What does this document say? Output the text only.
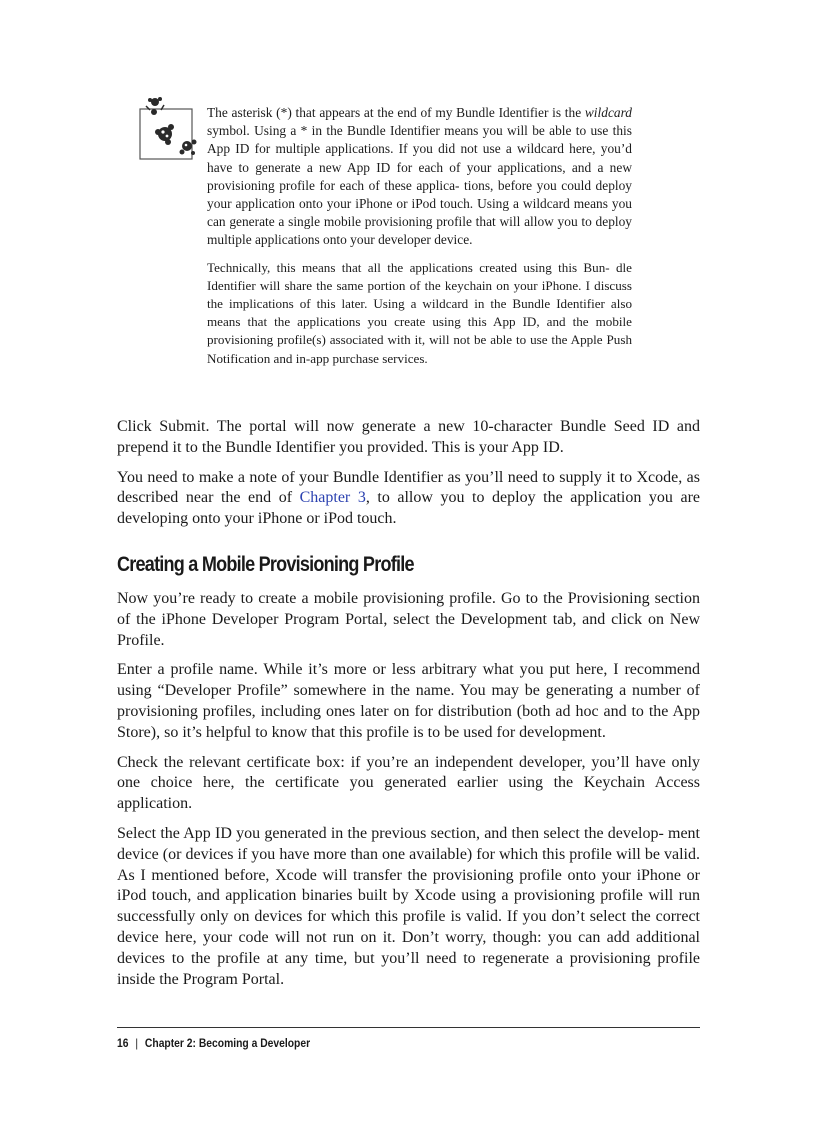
The asterisk (*) that appears at the end of my Bundle Identifier is the wildcard symbol. Using a * in the Bundle Identifier means you will be able to use this App ID for multiple applications. If you did not use a wildcard here, you’d have to generate a new App ID for each of your applications, and a new provisioning profile for each of these applica- tions, before you could deploy your application onto your iPhone or iPod touch. Using a wildcard means you can generate a single mobile provisioning profile that will allow you to deploy multiple applications onto your developer device.

Technically, this means that all the applications created using this Bun- dle Identifier will share the same portion of the keychain on your iPhone. I discuss the implications of this later. Using a wildcard in the Bundle Identifier also means that the applications you create using this App ID, and the mobile provisioning profile(s) associated with it, will not be able to use the Apple Push Notification and in-app purchase services.

Click Submit. The portal will now generate a new 10-character Bundle Seed ID and prepend it to the Bundle Identifier you provided. This is your App ID.

You need to make a note of your Bundle Identifier as you’ll need to supply it to Xcode, as described near the end of Chapter 3, to allow you to deploy the application you are developing onto your iPhone or iPod touch.

Creating a Mobile Provisioning Profile

Now you’re ready to create a mobile provisioning profile. Go to the Provisioning section of the iPhone Developer Program Portal, select the Development tab, and click on New Profile.

Enter a profile name. While it’s more or less arbitrary what you put here, I recommend using “Developer Profile” somewhere in the name. You may be generating a number of provisioning profiles, including ones later on for distribution (both ad hoc and to the App Store), so it’s helpful to know that this profile is to be used for development.

Check the relevant certificate box: if you’re an independent developer, you’ll have only one choice here, the certificate you generated earlier using the Keychain Access application.

Select the App ID you generated in the previous section, and then select the develop- ment device (or devices if you have more than one available) for which this profile will be valid. As I mentioned before, Xcode will transfer the provisioning profile onto your iPhone or iPod touch, and application binaries built by Xcode using a provisioning profile will run successfully only on devices for which this profile is valid. If you don’t select the correct device here, your code will not run on it. Don’t worry, though: you can add additional devices to the profile at any time, but you’ll need to regenerate a provisioning profile inside the Program Portal.

16 | Chapter 2: Becoming a Developer
